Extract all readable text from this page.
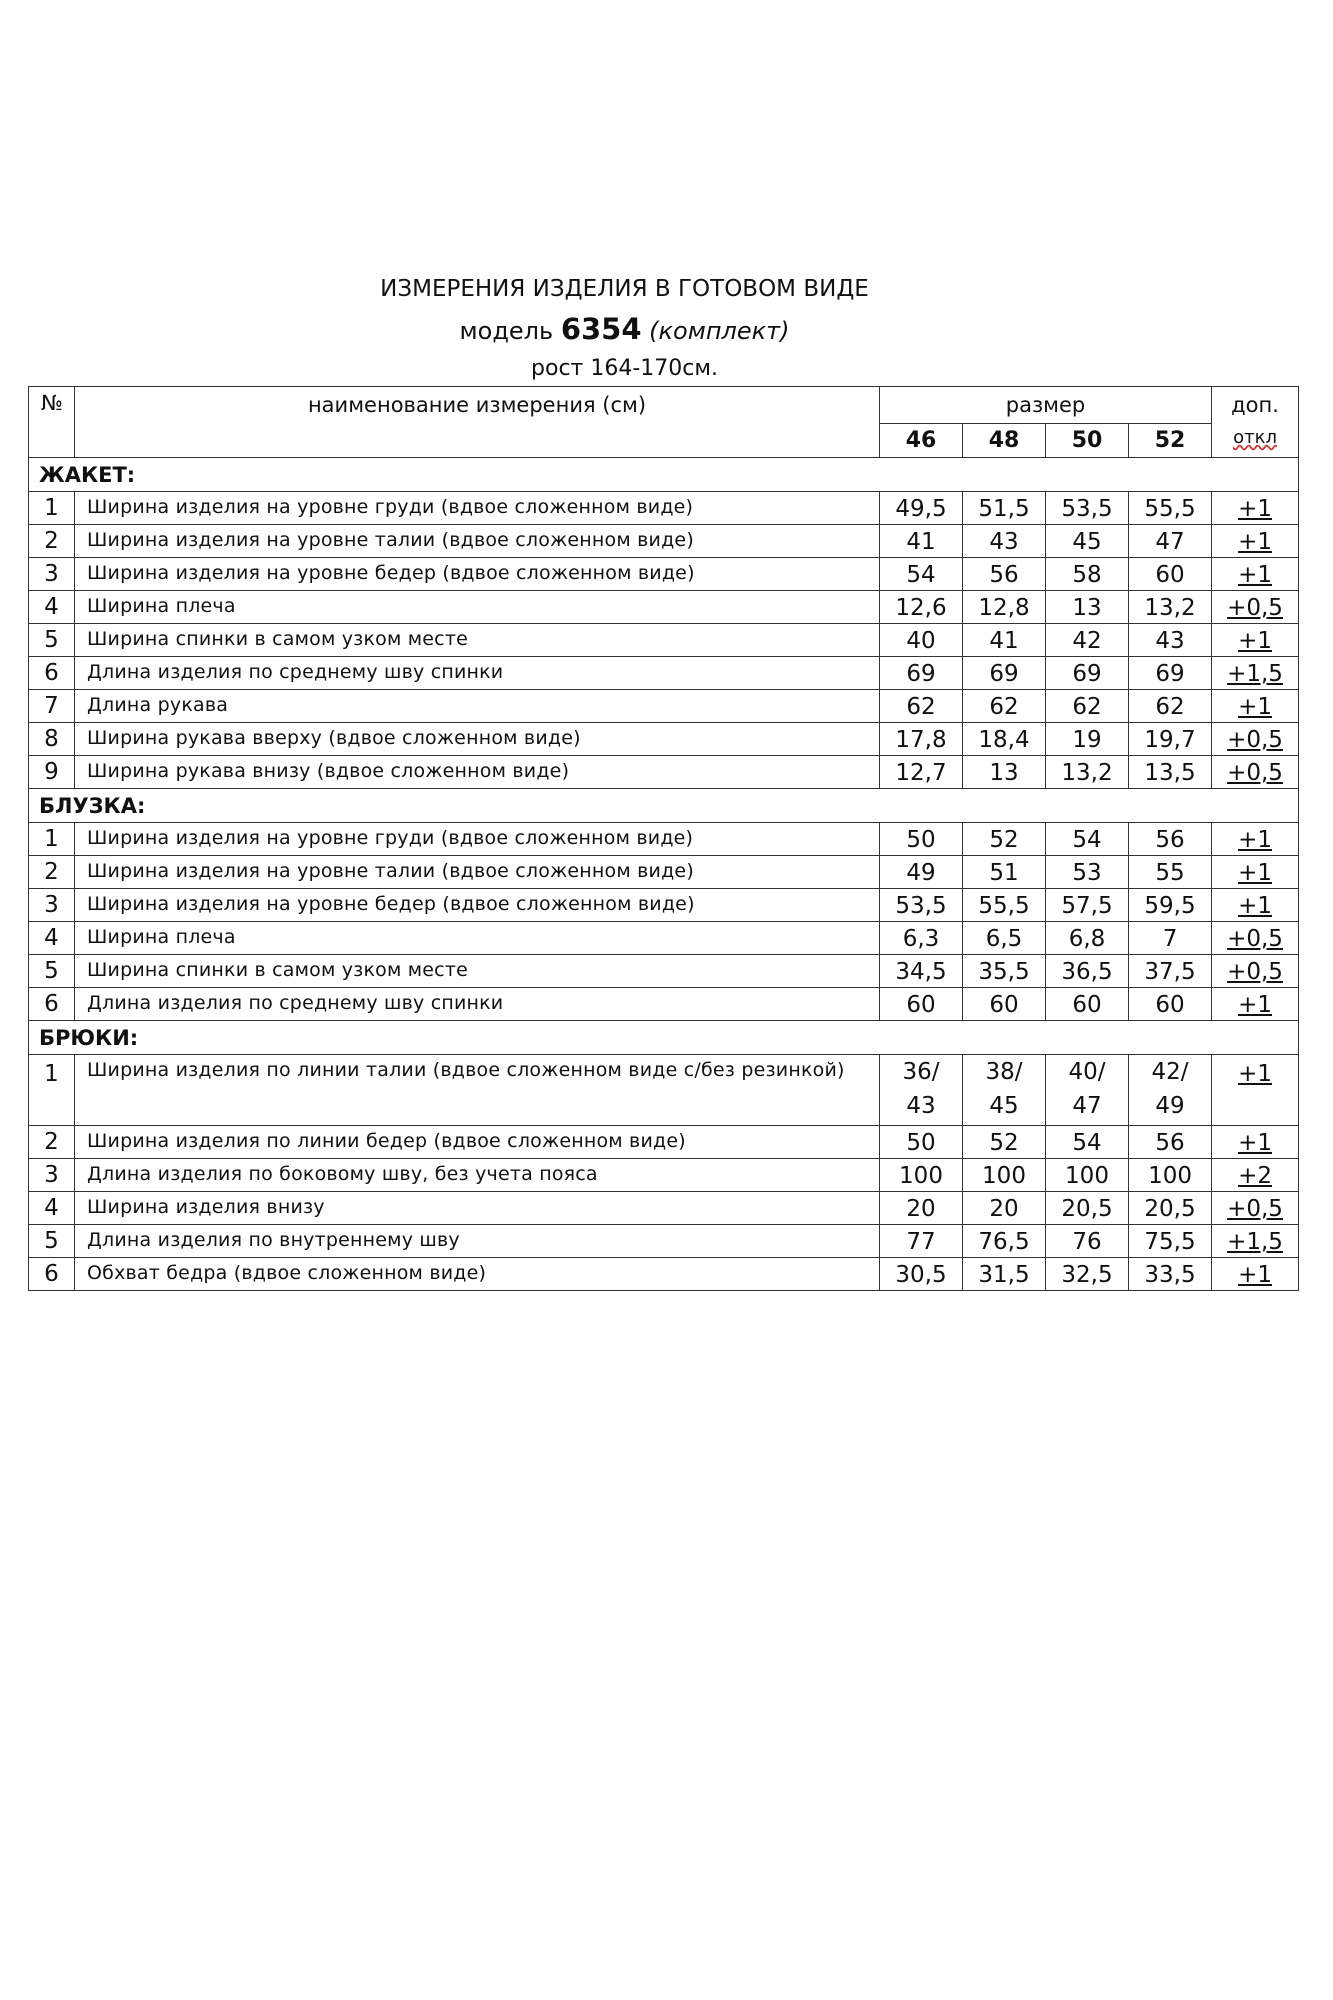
ИЗМЕРЕНИЯ ИЗДЕЛИЯ В ГОТОВОМ ВИДЕ
модель 6354 (комплект)
рост 164-170см.
№	наименование измерения (см)	размер				доп.
откл

		46	48	50	52	
ЖАКЕТ:						
1	Ширина изделия на уровне груди (вдвое сложенном виде)	49,5	51,5	53,5	55,5	+1
2	Ширина изделия на уровне талии (вдвое сложенном виде)	41	43	45	47	+1
3	Ширина изделия на уровне бедер (вдвое сложенном виде)	54	56	58	60	+1
4	Ширина плеча	12,6	12,8	13	13,2	+0,5
5	Ширина спинки в самом узком месте	40	41	42	43	+1
6	Длина изделия по среднему шву спинки	69	69	69	69	+1,5
7	Длина рукава	62	62	62	62	+1
8	Ширина рукава вверху (вдвое сложенном виде)	17,8	18,4	19	19,7	+0,5
9	Ширина рукава внизу (вдвое сложенном виде)	12,7	13	13,2	13,5	+0,5
БЛУЗКА:						
1	Ширина изделия на уровне груди (вдвое сложенном виде)	50	52	54	56	+1
2	Ширина изделия на уровне талии (вдвое сложенном виде)	49	51	53	55	+1
3	Ширина изделия на уровне бедер (вдвое сложенном виде)	53,5	55,5	57,5	59,5	+1
4	Ширина плеча	6,3	6,5	6,8	7	+0,5
5	Ширина спинки в самом узком месте	34,5	35,5	36,5	37,5	+0,5
6	Длина изделия по среднему шву спинки	60	60	60	60	+1
БРЮКИ:						
1	Ширина изделия по линии талии (вдвое сложенном виде с/без резинкой)	36/
43	38/
45	40/
47	42/
49	+1
2	Ширина изделия по линии бедер (вдвое сложенном виде)	50	52	54	56	+1
3	Длина изделия по боковому шву, без учета пояса	100	100	100	100	+2
4	Ширина изделия внизу	20	20	20,5	20,5	+0,5
5	Длина изделия по внутреннему шву	77	76,5	76	75,5	+1,5
6	Обхват бедра (вдвое сложенном виде)	30,5	31,5	32,5	33,5	+1
